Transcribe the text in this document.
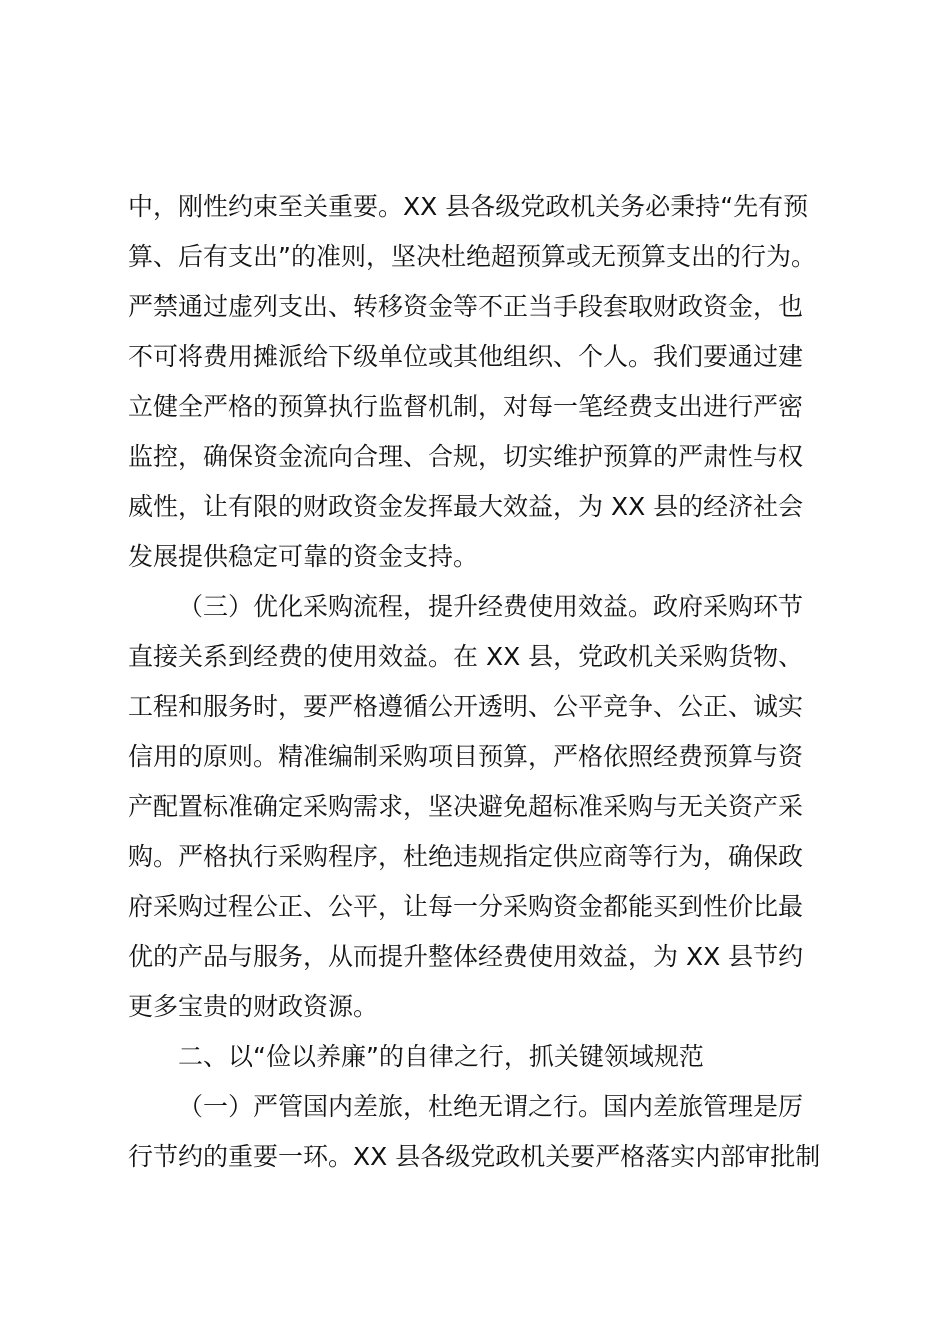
中，刚性约束至关重要。XX 县各级党政机关务必秉持“先有预

算、后有支出”的准则，坚决杜绝超预算或无预算支出的行为。

严禁通过虚列支出、转移资金等不正当手段套取财政资金，也

不可将费用摊派给下级单位或其他组织、个人。我们要通过建

立健全严格的预算执行监督机制，对每一笔经费支出进行严密

监控，确保资金流向合理、合规，切实维护预算的严肃性与权

威性，让有限的财政资金发挥最大效益，为 XX 县的经济社会

发展提供稳定可靠的资金支持。

（三）优化采购流程，提升经费使用效益。政府采购环节

直接关系到经费的使用效益。在 XX 县，党政机关采购货物、

工程和服务时，要严格遵循公开透明、公平竞争、公正、诚实

信用的原则。精准编制采购项目预算，严格依照经费预算与资

产配置标准确定采购需求，坚决避免超标准采购与无关资产采

购。严格执行采购程序，杜绝违规指定供应商等行为，确保政

府采购过程公正、公平，让每一分采购资金都能买到性价比最

优的产品与服务，从而提升整体经费使用效益，为 XX 县节约

更多宝贵的财政资源。

二、以“俭以养廉”的自律之行，抓关键领域规范

（一）严管国内差旅，杜绝无谓之行。国内差旅管理是厉

行节约的重要一环。XX 县各级党政机关要严格落实内部审批制
